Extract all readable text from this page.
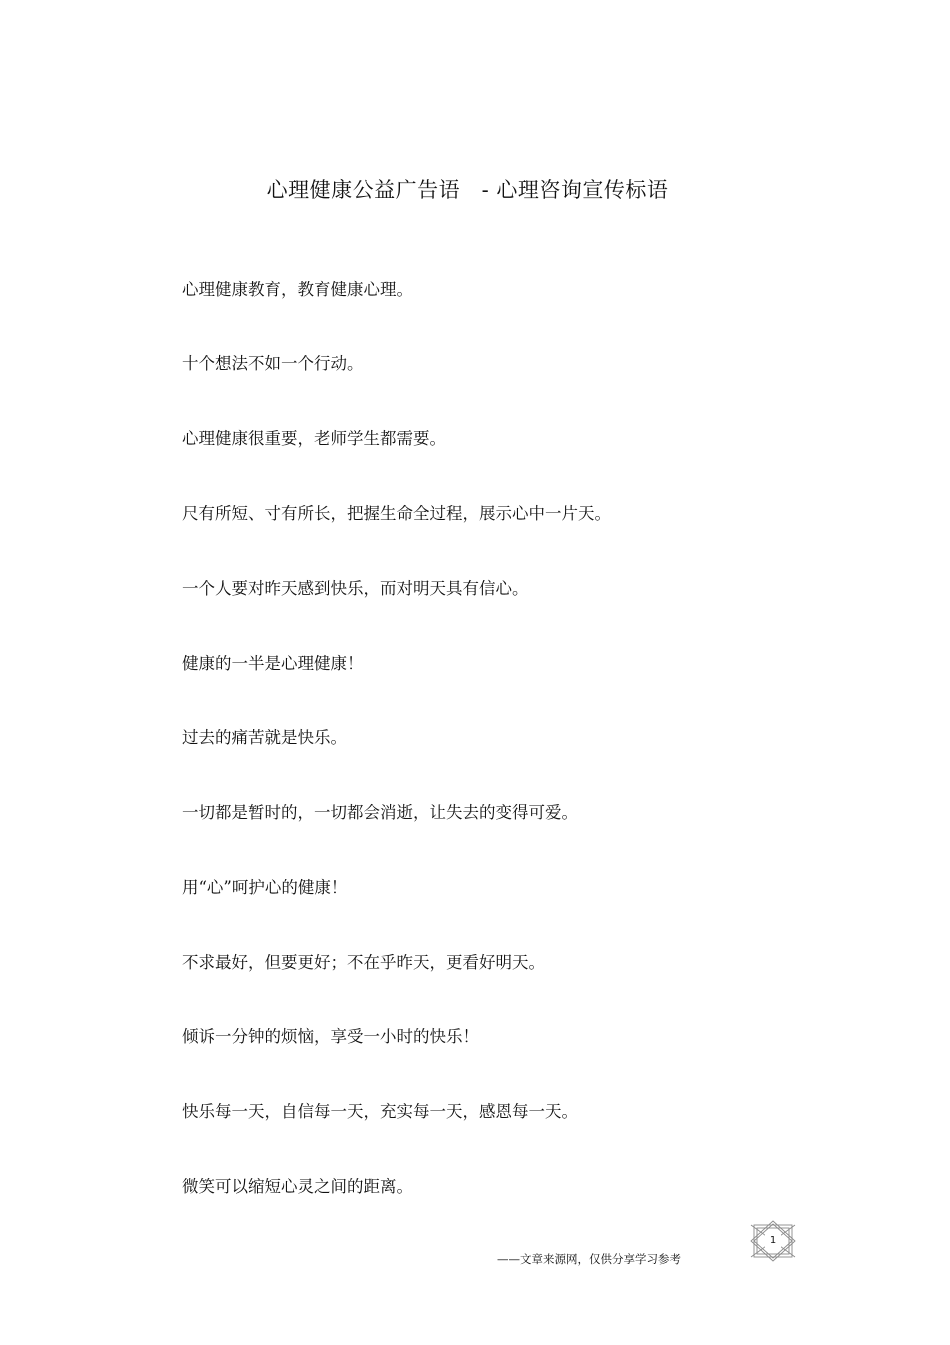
心理健康公益广告语   - 心理咨询宣传标语
心理健康教育，教育健康心理。
十个想法不如一个行动。
心理健康很重要，老师学生都需要。
尺有所短、寸有所长，把握生命全过程，展示心中一片天。
一个人要对昨天感到快乐，而对明天具有信心。
健康的一半是心理健康！
过去的痛苦就是快乐。
一切都是暂时的，一切都会消逝，让失去的变得可爱。
用“心”呵护心的健康！
不求最好，但要更好；不在乎昨天，更看好明天。
倾诉一分钟的烦恼，享受一小时的快乐！
快乐每一天，自信每一天，充实每一天，感恩每一天。
微笑可以缩短心灵之间的距离。
——文章来源网，仅供分享学习参考
1
